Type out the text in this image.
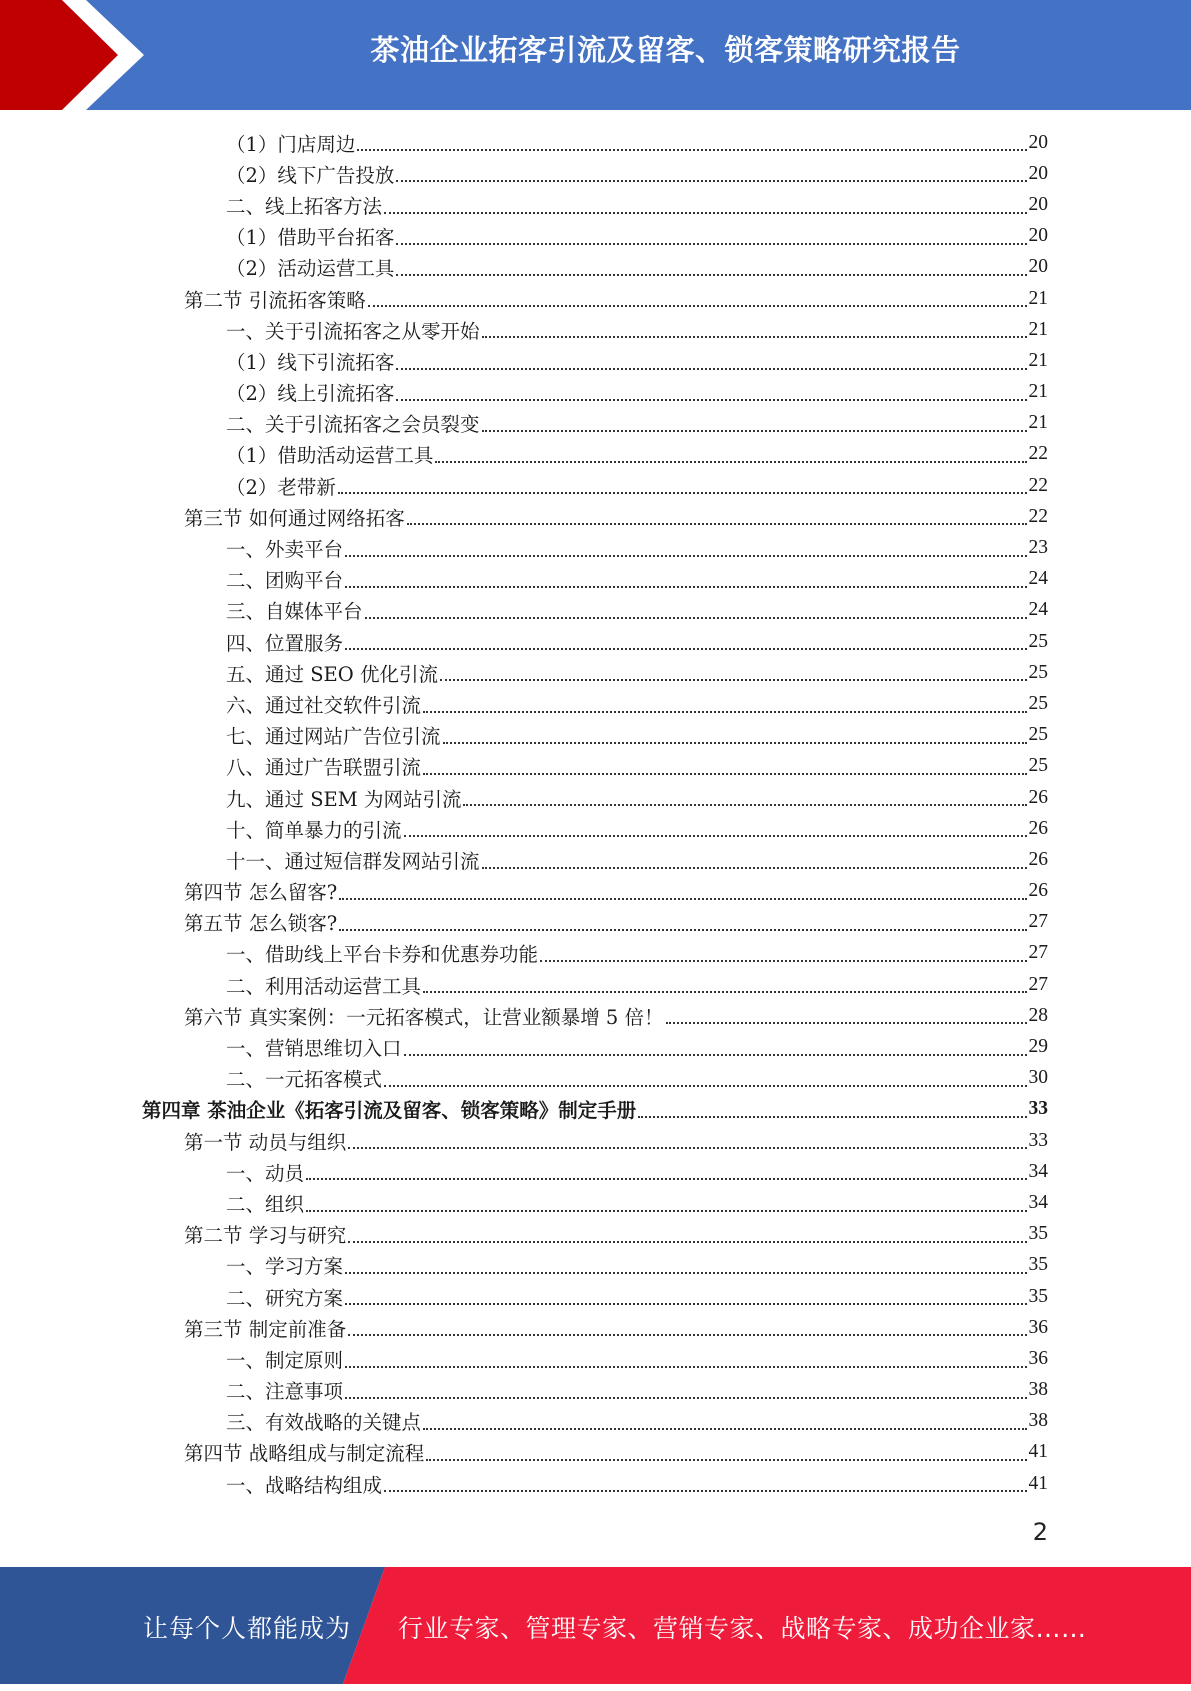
茶油企业拓客引流及留客、锁客策略研究报告
（1）门店周边	20
（2）线下广告投放	20
二、线上拓客方法	20
（1）借助平台拓客	20
（2）活动运营工具	20
第二节 引流拓客策略	21
一、关于引流拓客之从零开始	21
（1）线下引流拓客	21
（2）线上引流拓客	21
二、关于引流拓客之会员裂变	21
（1）借助活动运营工具	22
（2）老带新	22
第三节 如何通过网络拓客	22
一、外卖平台	23
二、团购平台	24
三、自媒体平台	24
四、位置服务	25
五、通过 SEO 优化引流	25
六、通过社交软件引流	25
七、通过网站广告位引流	25
八、通过广告联盟引流	25
九、通过 SEM 为网站引流	26
十、简单暴力的引流	26
十一、通过短信群发网站引流	26
第四节 怎么留客?	26
第五节 怎么锁客?	27
一、借助线上平台卡券和优惠券功能	27
二、利用活动运营工具	27
第六节 真实案例：一元拓客模式，让营业额暴增 5 倍！	28
一、营销思维切入口	29
二、一元拓客模式	30
第四章 茶油企业《拓客引流及留客、锁客策略》制定手册	33
第一节 动员与组织	33
一、动员	34
二、组织	34
第二节 学习与研究	35
一、学习方案	35
二、研究方案	35
第三节 制定前准备	36
一、制定原则	36
二、注意事项	38
三、有效战略的关键点	38
第四节 战略组成与制定流程	41
一、战略结构组成	41
2
让每个人都能成为 行业专家、管理专家、营销专家、战略专家、成功企业家……
